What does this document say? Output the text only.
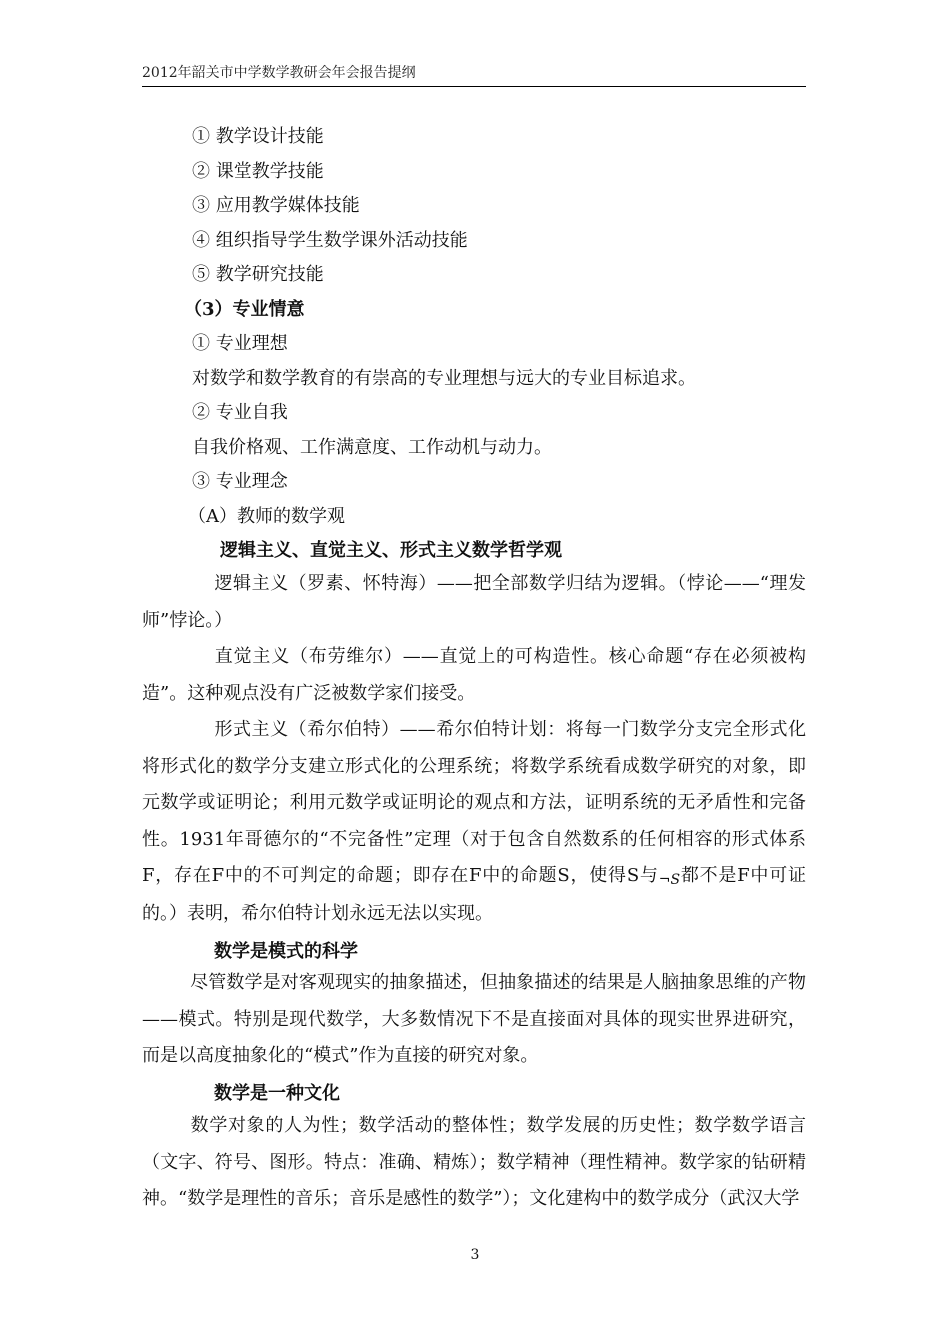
2012年韶关市中学数学教研会年会报告提纲
① 教学设计技能
② 课堂教学技能
③ 应用教学媒体技能
④ 组织指导学生数学课外活动技能
⑤ 教学研究技能
（3）专业情意
① 专业理想
对数学和数学教育的有崇高的专业理想与远大的专业目标追求。
② 专业自我
自我价格观、工作满意度、工作动机与动力。
③ 专业理念
（A）教师的数学观
逻辑主义、直觉主义、形式主义数学哲学观
逻辑主义（罗素、怀特海）——把全部数学归结为逻辑。（悖论——“理发师”悖论。）
直觉主义（布劳维尔）——直觉上的可构造性。核心命题“存在必须被构造”。这种观点没有广泛被数学家们接受。
形式主义（希尔伯特）——希尔伯特计划：将每一门数学分支完全形式化将形式化的数学分支建立形式化的公理系统；将数学系统看成数学研究的对象，即元数学或证明论；利用元数学或证明论的观点和方法，证明系统的无矛盾性和完备性。1931年哥德尔的“不完备性”定理（对于包含自然数系的任何相容的形式体系F，存在F中的不可判定的命题；即存在F中的命题S，使得S与¬S都不是F中可证的。）表明，希尔伯特计划永远无法以实现。
数学是模式的科学
尽管数学是对客观现实的抽象描述，但抽象描述的结果是人脑抽象思维的产物——模式。特别是现代数学，大多数情况下不是直接面对具体的现实世界进研究，而是以高度抽象化的“模式”作为直接的研究对象。
数学是一种文化
数学对象的人为性；数学活动的整体性；数学发展的历史性；数学数学语言（文字、符号、图形。特点：准确、精炼）；数学精神（理性精神。数学家的钻研精神。“数学是理性的音乐；音乐是感性的数学”）；文化建构中的数学成分（武汉大学
3
